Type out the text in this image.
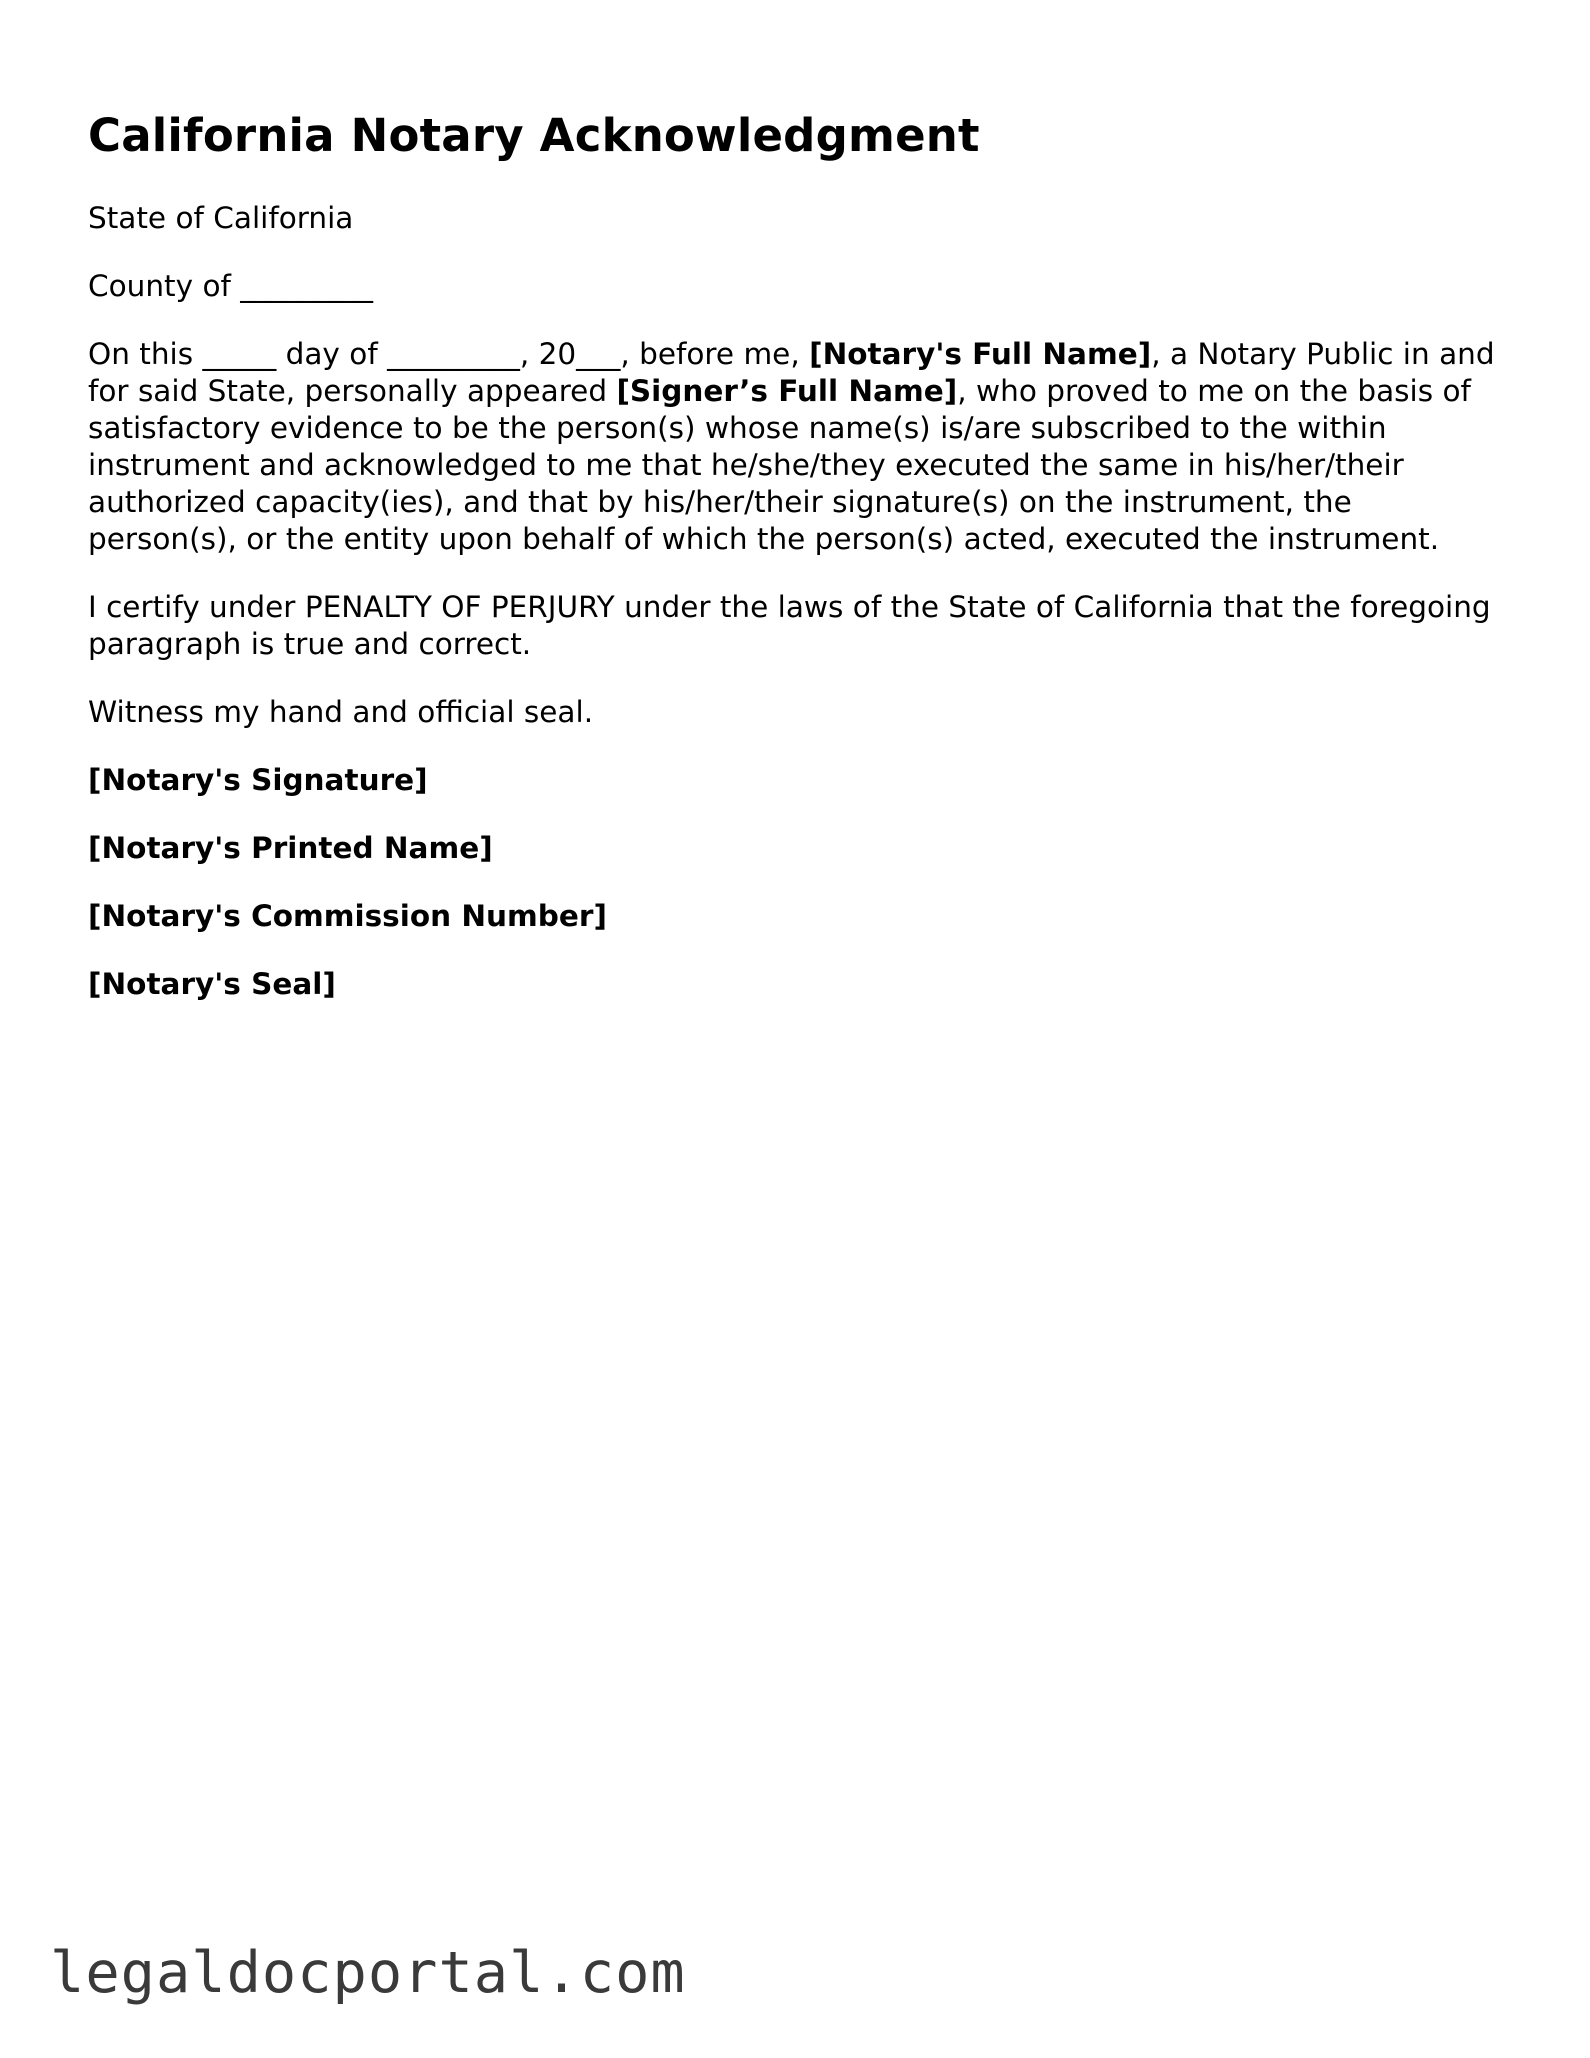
California Notary Acknowledgment

State of California

County of _________

On this _____ day of _________, 20___, before me, [Notary's Full Name], a Notary Public in and for said State, personally appeared [Signer’s Full Name], who proved to me on the basis of satisfactory evidence to be the person(s) whose name(s) is/are subscribed to the within instrument and acknowledged to me that he/she/they executed the same in his/her/their authorized capacity(ies), and that by his/her/their signature(s) on the instrument, the person(s), or the entity upon behalf of which the person(s) acted, executed the instrument.

I certify under PENALTY OF PERJURY under the laws of the State of California that the foregoing paragraph is true and correct.

Witness my hand and official seal.

[Notary's Signature]

[Notary's Printed Name]

[Notary's Commission Number]

[Notary's Seal]

legaldocportal.com
